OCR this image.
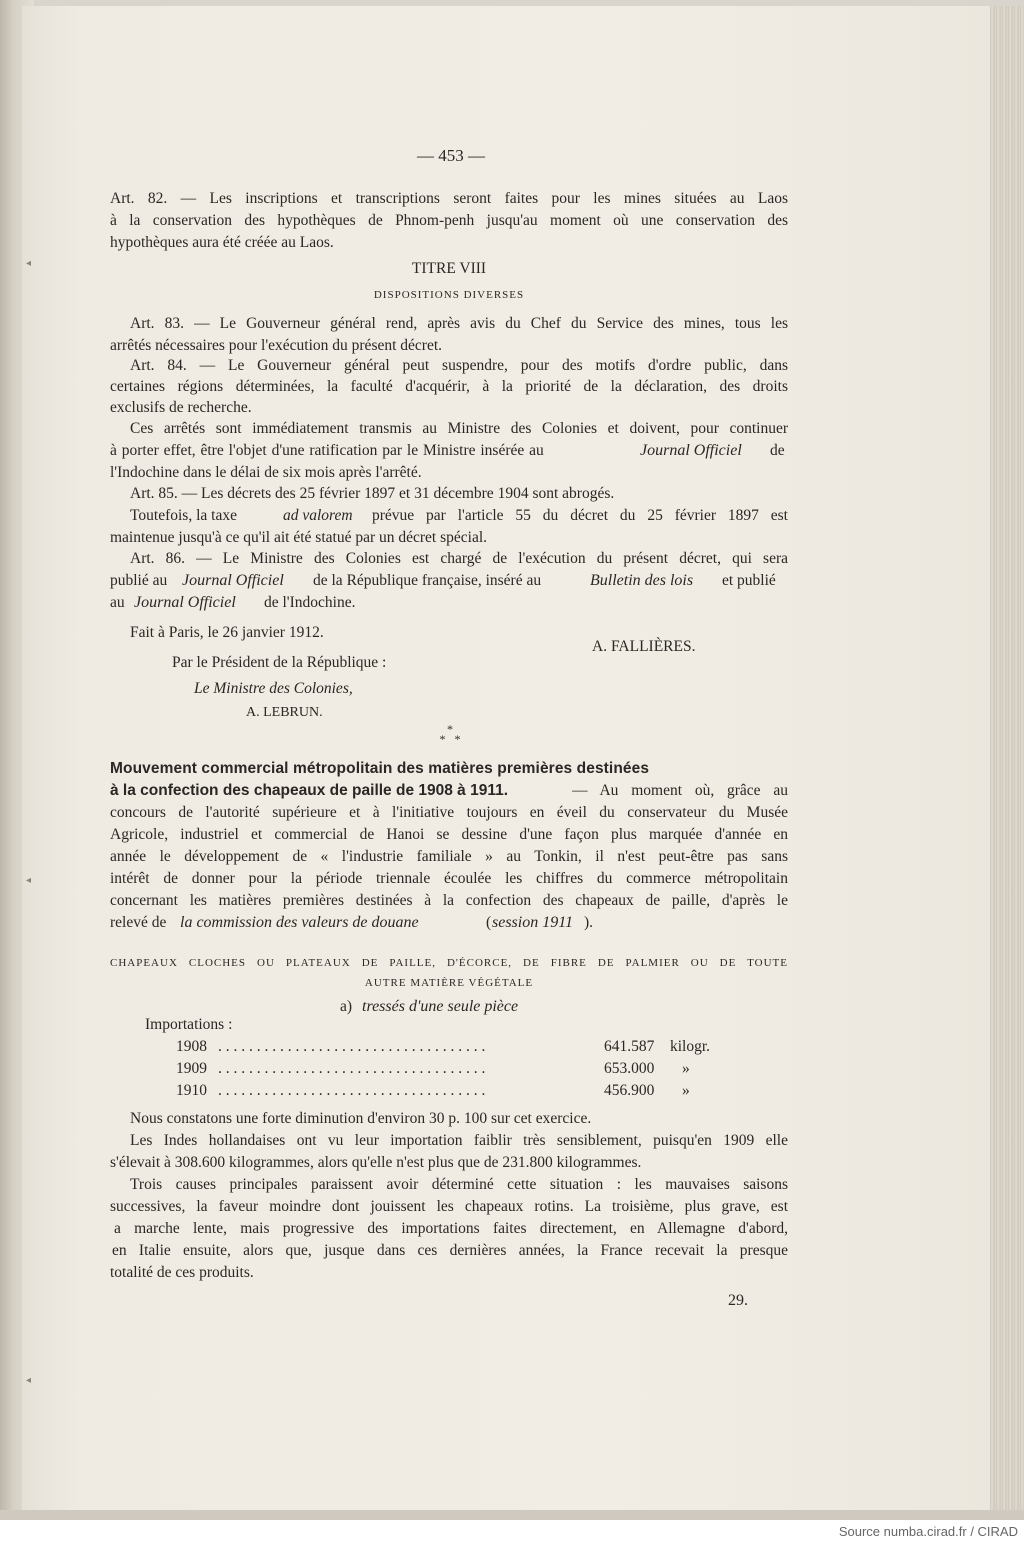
— 453 —
Art. 82. — Les inscriptions et transcriptions seront faites pour les mines situées au Laos
à la conservation des hypothèques de Phnom-penh jusqu'au moment où une conservation des
hypothèques aura été créée au Laos.
TITRE VIII
DISPOSITIONS DIVERSES
Art. 83. — Le Gouverneur général rend, après avis du Chef du Service des mines, tous les
arrêtés nécessaires pour l'exécution du présent décret.
Art. 84. — Le Gouverneur général peut suspendre, pour des motifs d'ordre public, dans
certaines régions déterminées, la faculté d'acquérir, à la priorité de la déclaration, des droits
exclusifs de recherche.
Ces arrêtés sont immédiatement transmis au Ministre des Colonies et doivent, pour continuer
à porter effet, être l'objet d'une ratification par le Ministre insérée au	Journal Officiel de
l'Indochine dans le délai de six mois après l'arrêté.
Art. 85. — Les décrets des 25 février 1897 et 31 décembre 1904 sont abrogés.
Toutefois, la taxe	ad valorem prévue par l'article 55 du décret du 25 février 1897 est
maintenue jusqu'à ce qu'il ait été statué par un décret spécial.
Art. 86. — Le Ministre des Colonies est chargé de l'exécution du présent décret, qui sera
publié au Journal Officiel de la République française, inséré au	Bulletin des lois et publié
au Journal Officiel de l'Indochine.
Fait à Paris, le 26 janvier 1912.
A. FALLIÈRES.
Par le Président de la République :
Le Ministre des Colonies,
A. LEBRUN.
*
*   *
Mouvement commercial métropolitain des matières premières destinées
à la confection des chapeaux de paille de 1908 à 1911.	— Au moment où, grâce au
concours de l'autorité supérieure et à l'initiative toujours en éveil du conservateur du Musée
Agricole, industriel et commercial de Hanoi se dessine d'une façon plus marquée d'année en
année le développement de « l'industrie familiale » au Tonkin, il n'est peut-être pas sans
intérêt de donner pour la période triennale écoulée les chiffres du commerce métropolitain
concernant les matières premières destinées à la confection des chapeaux de paille, d'après le
relevé de la commission des valeurs de douane	( session 1911 ).
CHAPEAUX CLOCHES OU PLATEAUX DE PAILLE, D'ÉCORCE, DE FIBRE DE PALMIER OU DE TOUTE
AUTRE MATIÈRE VÉGÉTALE
a) tressés d'une seule pièce
Importations :
1908 . . . . . . . . . . . . . . . . . . . . . . . . . . . . . . . . . . .	641.587 kilogr.
1909 . . . . . . . . . . . . . . . . . . . . . . . . . . . . . . . . . . .	653.000 »
1910 . . . . . . . . . . . . . . . . . . . . . . . . . . . . . . . . . . .	456.900 »
Nous constatons une forte diminution d'environ 30 p. 100 sur cet exercice.
Les Indes hollandaises ont vu leur importation faiblir très sensiblement, puisqu'en 1909 elle
s'élevait à 308.600 kilogrammes, alors qu'elle n'est plus que de 231.800 kilogrammes.
Trois causes principales paraissent avoir déterminé cette situation : les mauvaises saisons
successives, la faveur moindre dont jouissent les chapeaux rotins. La troisième, plus grave, est
a marche lente, mais progressive des importations faites directement, en Allemagne d'abord,
en Italie ensuite, alors que, jusque dans ces dernières années, la France recevait la presque
totalité de ces produits.
29.
◂
◂
◂
Source numba.cirad.fr / CIRAD
